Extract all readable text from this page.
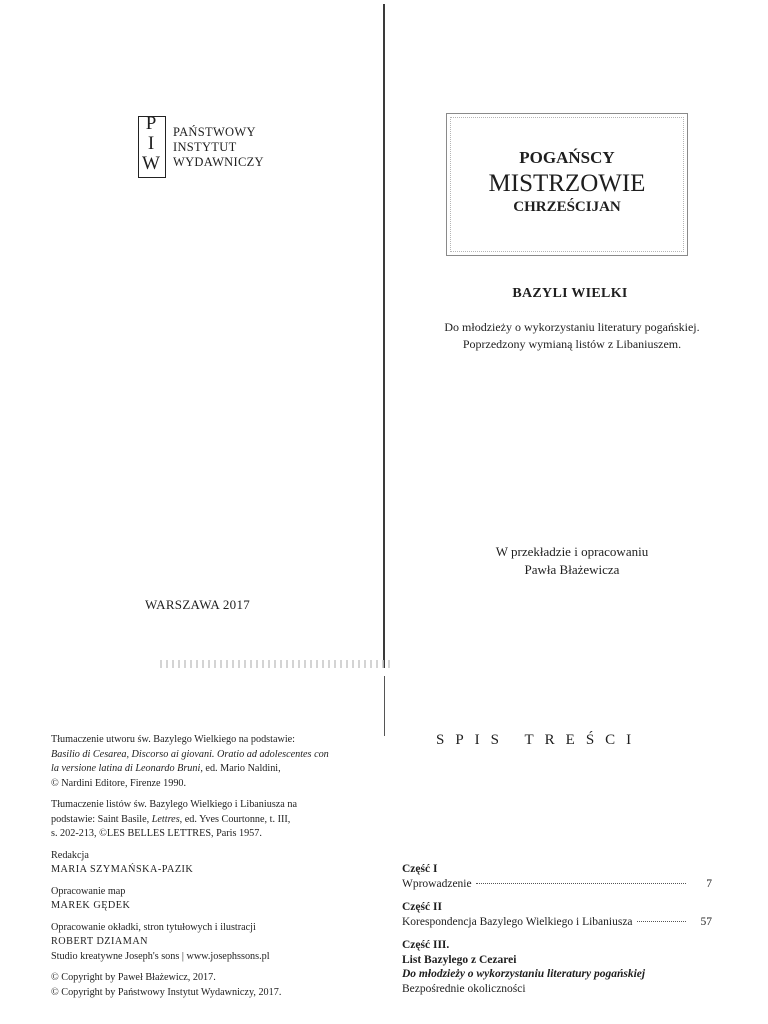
P
I
W
PAŃSTWOWY
INSTYTUT
WYDAWNICZY
WARSZAWA 2017
POGAŃSCY
MISTRZOWIE
CHRZEŚCIJAN
BAZYLI WIELKI
Do młodzieży o wykorzystaniu literatury pogańskiej.
Poprzedzony wymianą listów z Libaniuszem.
W przekładzie i opracowaniu
Pawła Błażewicza

Tłumaczenie utworu św. Bazylego Wielkiego na podstawie:
Basilio di Cesarea, Discorso ai giovani. Oratio ad adolescentes con
la versione latina di Leonardo Bruni, ed. Mario Naldini,
© Nardini Editore, Firenze 1990.

Tłumaczenie listów św. Bazylego Wielkiego i Libaniusza na
podstawie: Saint Basile, Lettres, ed. Yves Courtonne, t. III,
s. 202-213, ©LES BELLES LETTRES, Paris 1957.

Redakcja
MARIA SZYMAŃSKA-PAZIK

Opracowanie map
MAREK GĘDEK

Opracowanie okładki, stron tytułowych i ilustracji
ROBERT DZIAMAN
Studio kreatywne Joseph's sons | www.josephssons.pl

© Copyright by Paweł Błażewicz, 2017.
© Copyright by Państwowy Instytut Wydawniczy, 2017.

SPIS TREŚCI
Część I
Wprowadzenie	7
Część II
Korespondencja Bazylego Wielkiego i Libaniusza	57
Część III.
List Bazylego z Cezarei
Do młodzieży o wykorzystaniu literatury pogańskiej
Bezpośrednie okoliczności
